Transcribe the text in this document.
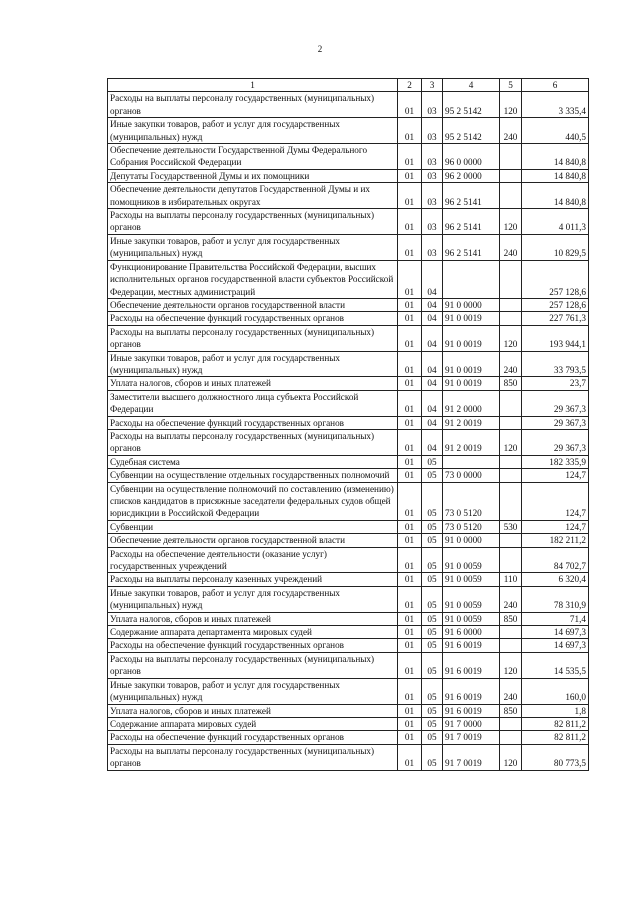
2
1	2	3	4	5	6
Расходы на выплаты персоналу государственных (муниципальных) органов	01	03	95 2 5142	120	3 335,4
Иные закупки товаров, работ и услуг для государственных (муниципальных) нужд	01	03	95 2 5142	240	440,5
Обеспечение деятельности Государственной Думы Федерального Собрания Российской Федерации	01	03	96 0 0000		14 840,8
Депутаты Государственной Думы и их помощники	01	03	96 2 0000		14 840,8
Обеспечение деятельности депутатов Государственной Думы и их помощников в избирательных округах	01	03	96 2 5141		14 840,8
Расходы на выплаты персоналу государственных (муниципальных) органов	01	03	96 2 5141	120	4 011,3
Иные закупки товаров, работ и услуг для государственных (муниципальных) нужд	01	03	96 2 5141	240	10 829,5
Функционирование Правительства Российской Федерации, высших исполнительных органов государственной власти субъектов Российской Федерации, местных администраций	01	04			257 128,6
Обеспечение деятельности органов государственной власти	01	04	91 0 0000		257 128,6
Расходы на обеспечение функций государственных органов	01	04	91 0 0019		227 761,3
Расходы на выплаты персоналу государственных (муниципальных) органов	01	04	91 0 0019	120	193 944,1
Иные закупки товаров, работ и услуг для государственных (муниципальных) нужд	01	04	91 0 0019	240	33 793,5
Уплата налогов, сборов и иных платежей	01	04	91 0 0019	850	23,7
Заместители высшего должностного лица субъекта Российской Федерации	01	04	91 2 0000		29 367,3
Расходы на обеспечение функций государственных органов	01	04	91 2 0019		29 367,3
Расходы на выплаты персоналу государственных (муниципальных) органов	01	04	91 2 0019	120	29 367,3
Судебная система	01	05			182 335,9
Субвенции на осуществление отдельных государственных полномочий	01	05	73 0 0000		124,7
Субвенции на осуществление полномочий по составлению (изменению) списков кандидатов в присяжные заседатели федеральных судов общей юрисдикции в Российской Федерации	01	05	73 0 5120		124,7
Субвенции	01	05	73 0 5120	530	124,7
Обеспечение деятельности органов государственной власти	01	05	91 0 0000		182 211,2
Расходы на обеспечение деятельности (оказание услуг) государственных учреждений	01	05	91 0 0059		84 702,7
Расходы на выплаты персоналу казенных учреждений	01	05	91 0 0059	110	6 320,4
Иные закупки товаров, работ и услуг для государственных (муниципальных) нужд	01	05	91 0 0059	240	78 310,9
Уплата налогов, сборов и иных платежей	01	05	91 0 0059	850	71,4
Содержание аппарата департамента мировых судей	01	05	91 6 0000		14 697,3
Расходы на обеспечение функций государственных органов	01	05	91 6 0019		14 697,3
Расходы на выплаты персоналу государственных (муниципальных) органов	01	05	91 6 0019	120	14 535,5
Иные закупки товаров, работ и услуг для государственных (муниципальных) нужд	01	05	91 6 0019	240	160,0
Уплата налогов, сборов и иных платежей	01	05	91 6 0019	850	1,8
Содержание аппарата мировых судей	01	05	91 7 0000		82 811,2
Расходы на обеспечение функций государственных органов	01	05	91 7 0019		82 811,2
Расходы на выплаты персоналу государственных (муниципальных) органов	01	05	91 7 0019	120	80 773,5
